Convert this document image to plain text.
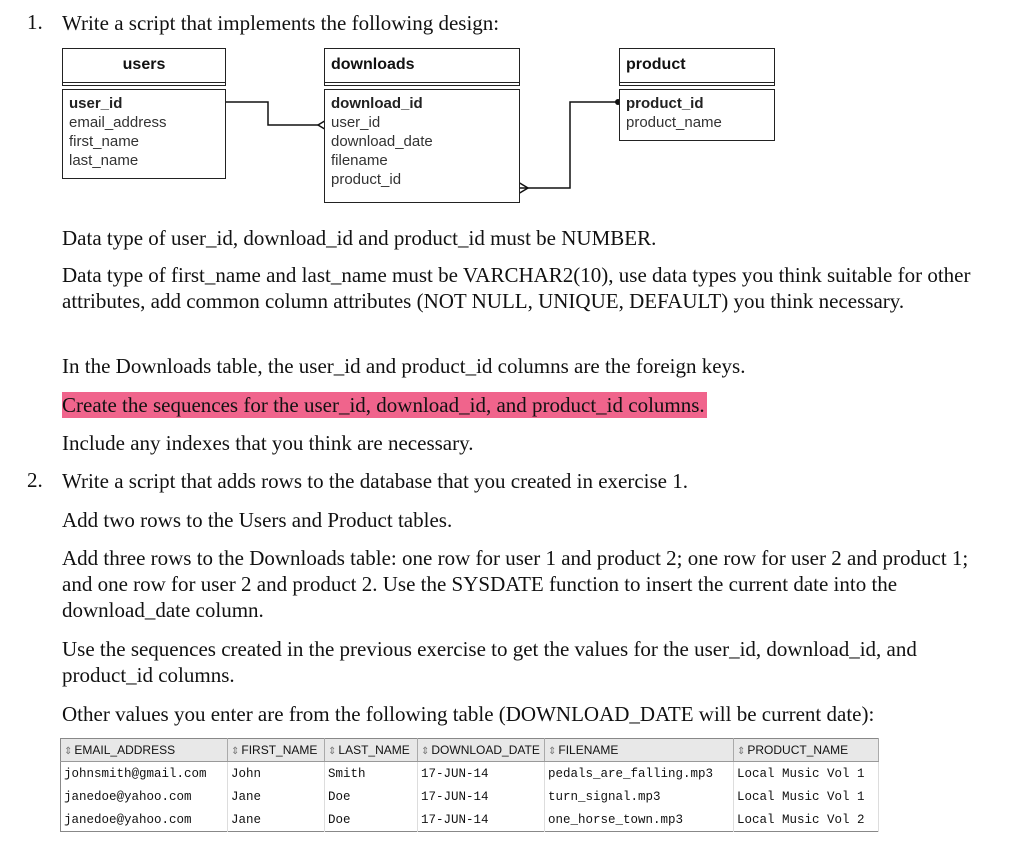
1. Write a script that implements the following design:

users
user_id
email_address
first_name
last_name
downloads
download_id
user_id
download_date
filename
product_id
product
product_id
product_name

Data type of user_id, download_id and product_id must be NUMBER.

Data type of first_name and last_name must be VARCHAR2(10), use data types you think suitable for other attributes, add common column attributes (NOT NULL, UNIQUE, DEFAULT) you think necessary.

In the Downloads table, the user_id and product_id columns are the foreign keys.

Create the sequences for the user_id, download_id, and product_id columns.

Include any indexes that you think are necessary.

2. Write a script that adds rows to the database that you created in exercise 1.

Add two rows to the Users and Product tables.

Add three rows to the Downloads table: one row for user 1 and product 2; one row for user 2 and product 1; and one row for user 2 and product 2. Use the SYSDATE function to insert the current date into the download_date column.

Use the sequences created in the previous exercise to get the values for the user_id, download_id, and product_id columns.

Other values you enter are from the following table (DOWNLOAD_DATE will be current date):

⇕ EMAIL_ADDRESS	⇕ FIRST_NAME	⇕ LAST_NAME	⇕ DOWNLOAD_DATE	⇕ FILENAME	⇕ PRODUCT_NAME
johnsmith@gmail.com	John	Smith	17-JUN-14	pedals_are_falling.mp3	Local Music Vol 1
janedoe@yahoo.com	Jane	Doe	17-JUN-14	turn_signal.mp3	Local Music Vol 1
janedoe@yahoo.com	Jane	Doe	17-JUN-14	one_horse_town.mp3	Local Music Vol 2
